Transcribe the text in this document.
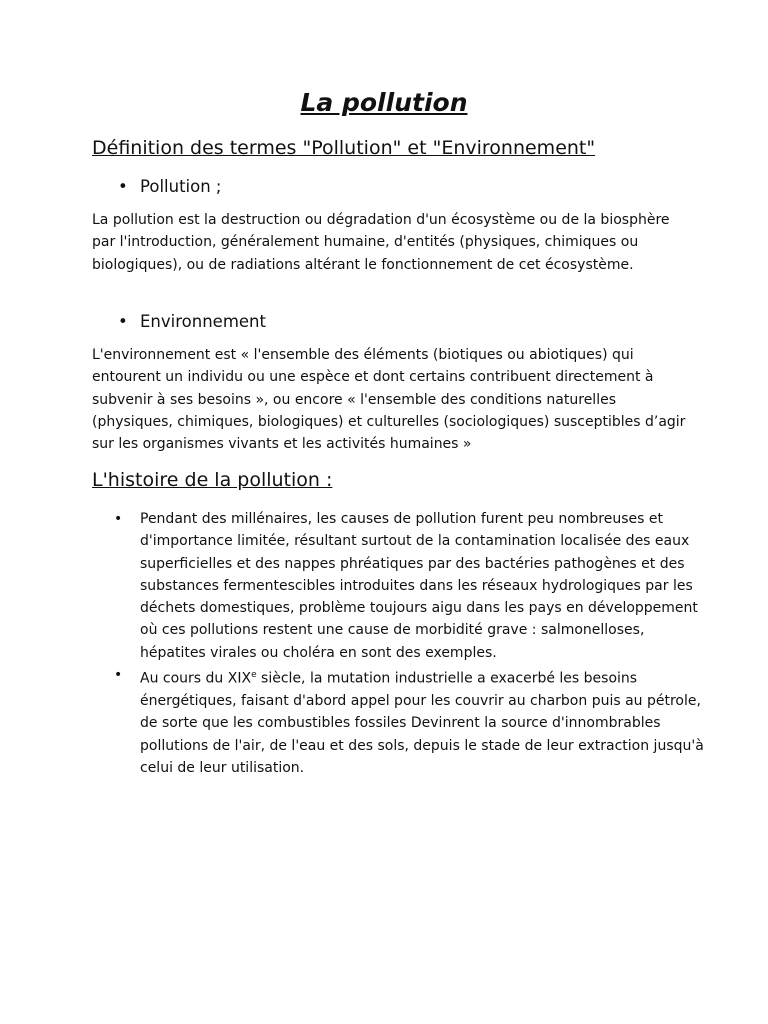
La pollution
Définition des termes "Pollution" et "Environnement"
• Pollution ;

La pollution est la destruction ou dégradation d'un écosystème ou de la biosphère par l'introduction, généralement humaine, d'entités (physiques, chimiques ou biologiques), ou de radiations altérant le fonctionnement de cet écosystème.

• Environnement

L'environnement est « l'ensemble des éléments (biotiques ou abiotiques) qui entourent un individu ou une espèce et dont certains contribuent directement à subvenir à ses besoins », ou encore « l'ensemble des conditions naturelles (physiques, chimiques, biologiques) et culturelles (sociologiques) susceptibles d’agir sur les organismes vivants et les activités humaines »

L'histoire de la pollution :
• Pendant des millénaires, les causes de pollution furent peu nombreuses et d'importance limitée, résultant surtout de la contamination localisée des eaux superficielles et des nappes phréatiques par des bactéries pathogènes et des substances fermentescibles introduites dans les réseaux hydrologiques par les déchets domestiques, problème toujours aigu dans les pays en développement où ces pollutions restent une cause de morbidité grave : salmonelloses, hépatites virales ou choléra en sont des exemples.
• Au cours du XIXe siècle, la mutation industrielle a exacerbé les besoins énergétiques, faisant d'abord appel pour les couvrir au charbon puis au pétrole, de sorte que les combustibles fossiles Devinrent la source d'innombrables pollutions de l'air, de l'eau et des sols, depuis le stade de leur extraction jusqu'à celui de leur utilisation.
